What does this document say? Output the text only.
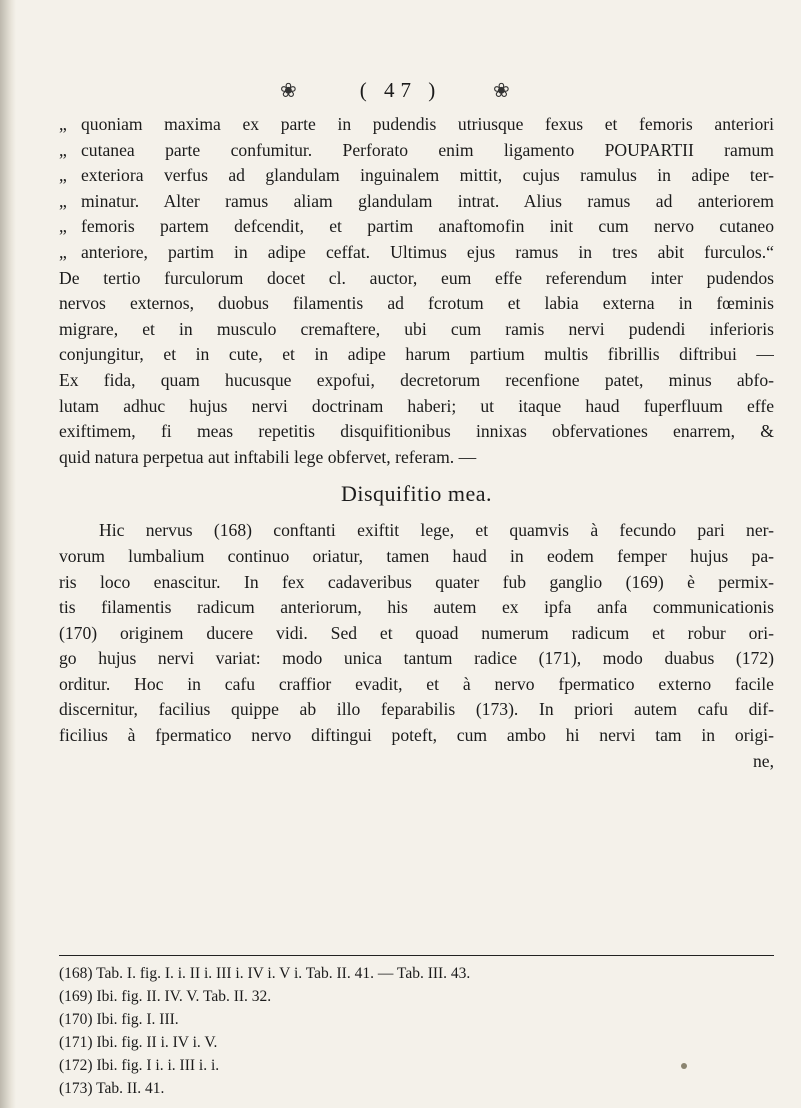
❀	( 47 )	❀
„ quoniam maxima ex parte in pudendis utriusque fexus et femoris anteriori
„ cutanea parte confumitur. Perforato enim ligamento POUPARTII ramum
„ exteriora verfus ad glandulam inguinalem mittit, cujus ramulus in adipe ter-
„ minatur. Alter ramus aliam glandulam intrat. Alius ramus ad anteriorem
„ femoris partem defcendit, et partim anaftomofin init cum nervo cutaneo
„ anteriore, partim in adipe ceffat. Ultimus ejus ramus in tres abit furculos.“
De tertio furculorum docet cl. auctor, eum effe referendum inter pudendos
nervos externos, duobus filamentis ad fcrotum et labia externa in fœminis
migrare, et in musculo cremaftere, ubi cum ramis nervi pudendi inferioris
conjungitur, et in cute, et in adipe harum partium multis fibrillis diftribui —
Ex fida, quam hucusque expofui, decretorum recenfione patet, minus abfo-
lutam adhuc hujus nervi doctrinam haberi; ut itaque haud fuperfluum effe
exiftimem, fi meas repetitis disquifitionibus innixas obfervationes enarrem, &
quid natura perpetua aut inftabili lege obfervet, referam. —
Disquifitio mea.
Hic nervus (168) conftanti exiftit lege, et quamvis à fecundo pari ner-
vorum lumbalium continuo oriatur, tamen haud in eodem femper hujus pa-
ris loco enascitur. In fex cadaveribus quater fub ganglio (169) è permix-
tis filamentis radicum anteriorum, his autem ex ipfa anfa communicationis
(170) originem ducere vidi. Sed et quoad numerum radicum et robur ori-
go hujus nervi variat: modo unica tantum radice (171), modo duabus (172)
orditur. Hoc in cafu craffior evadit, et à nervo fpermatico externo facile
discernitur, facilius quippe ab illo feparabilis (173). In priori autem cafu dif-
ficilius à fpermatico nervo diftingui poteft, cum ambo hi nervi tam in origi-
ne,
(168) Tab. I. fig. I. i. II i. III i. IV i. V i. Tab. II. 41. — Tab. III. 43.
(169) Ibi. fig. II. IV. V. Tab. II. 32.
(170) Ibi. fig. I. III.
(171) Ibi. fig. II i. IV i. V.
(172) Ibi. fig. I i. i. III i. i.
(173) Tab. II. 41.
